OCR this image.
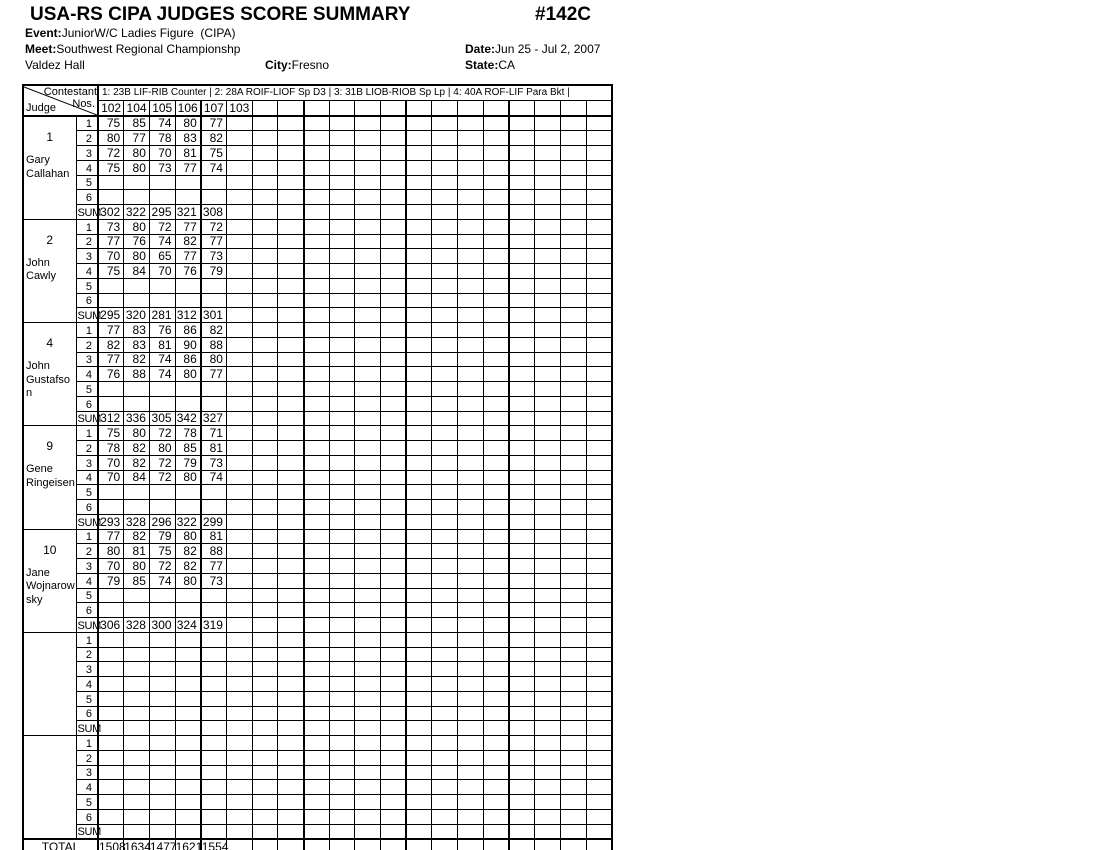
USA-RS CIPA JUDGES SCORE SUMMARY	#142C
Event:JuniorW/C Ladies Figure  (CIPA)
Meet:Southwest Regional Championshp	Date:Jun 25 - Jul 2, 2007
Valdez Hall	City:Fresno	State:CA
Contestant
Nos.
Judge		1: 23B LIF-RIB Counter | 2: 28A ROIF-LIOF Sp D3 | 3: 31B LIOB-RIOB Sp Lp | 4: 40A ROF-LIF Para Bkt |																			
		102	104	105	106	107	103														

1
Gary Callahan	1	75	85	74	80	77															
	2	80	77	78	83	82															
	3	72	80	70	81	75															
	4	75	80	73	77	74															
	5																				
	6																				
	SUM	302	322	295	321	308															

2
John Cawly	1	73	80	72	77	72															
	2	77	76	74	82	77															
	3	70	80	65	77	73															
	4	75	84	70	76	79															
	5																				
	6																				
	SUM	295	320	281	312	301															

4
John Gustafson	1	77	83	76	86	82															
	2	82	83	81	90	88															
	3	77	82	74	86	80															
	4	76	88	74	80	77															
	5																				
	6																				
	SUM	312	336	305	342	327															

9
Gene Ringeisen	1	75	80	72	78	71															
	2	78	82	80	85	81															
	3	70	82	72	79	73															
	4	70	84	72	80	74															
	5																				
	6																				
	SUM	293	328	296	322	299															

10
Jane Wojnarowsky	1	77	82	79	80	81															
	2	80	81	75	82	88															
	3	70	80	72	82	77															
	4	79	85	74	80	73															
	5																				
	6																				
	SUM	306	328	300	324	319															

	1																				
	2																				
	3																				
	4																				
	5																				
	6																				
	SUM																				

	1																				
	2																				
	3																				
	4																				
	5																				
	6																				
	SUM																				
TOTAL		1508	1634	1477	1621	1554															
